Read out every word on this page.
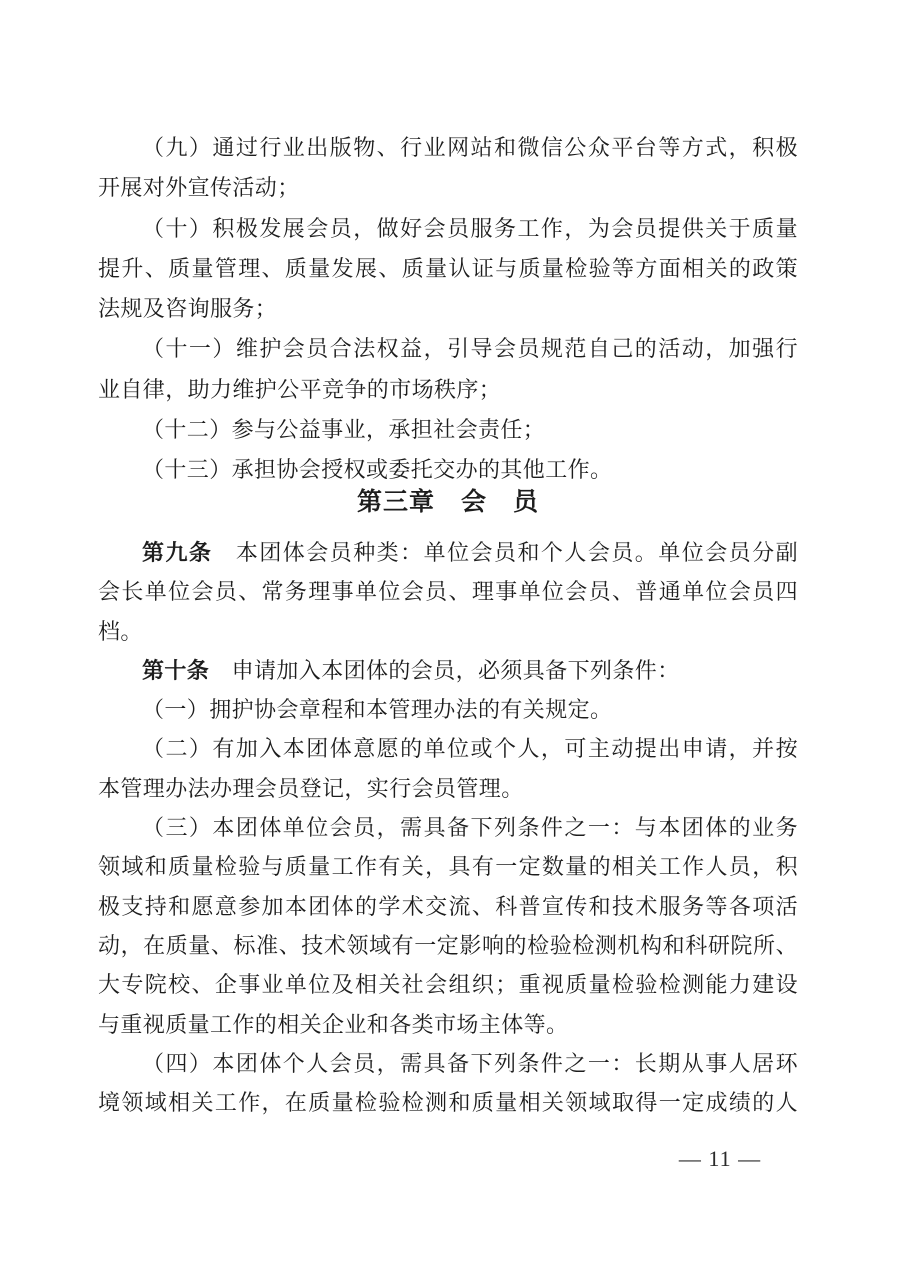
（九）通过行业出版物、行业网站和微信公众平台等方式，积极
开展对外宣传活动；
（十）积极发展会员，做好会员服务工作，为会员提供关于质量
提升、质量管理、质量发展、质量认证与质量检验等方面相关的政策
法规及咨询服务；
（十一）维护会员合法权益，引导会员规范自己的活动，加强行
业自律，助力维护公平竞争的市场秩序；
（十二）参与公益事业，承担社会责任；
（十三）承担协会授权或委托交办的其他工作。
第三章　会　员
第九条　本团体会员种类：单位会员和个人会员。单位会员分副
会长单位会员、常务理事单位会员、理事单位会员、普通单位会员四
档。
第十条　申请加入本团体的会员，必须具备下列条件：
（一）拥护协会章程和本管理办法的有关规定。
（二）有加入本团体意愿的单位或个人，可主动提出申请，并按
本管理办法办理会员登记，实行会员管理。
（三）本团体单位会员，需具备下列条件之一：与本团体的业务
领域和质量检验与质量工作有关，具有一定数量的相关工作人员，积
极支持和愿意参加本团体的学术交流、科普宣传和技术服务等各项活
动，在质量、标准、技术领域有一定影响的检验检测机构和科研院所、
大专院校、企事业单位及相关社会组织；重视质量检验检测能力建设
与重视质量工作的相关企业和各类市场主体等。
（四）本团体个人会员，需具备下列条件之一：长期从事人居环
境领域相关工作，在质量检验检测和质量相关领域取得一定成绩的人
— 11 —
